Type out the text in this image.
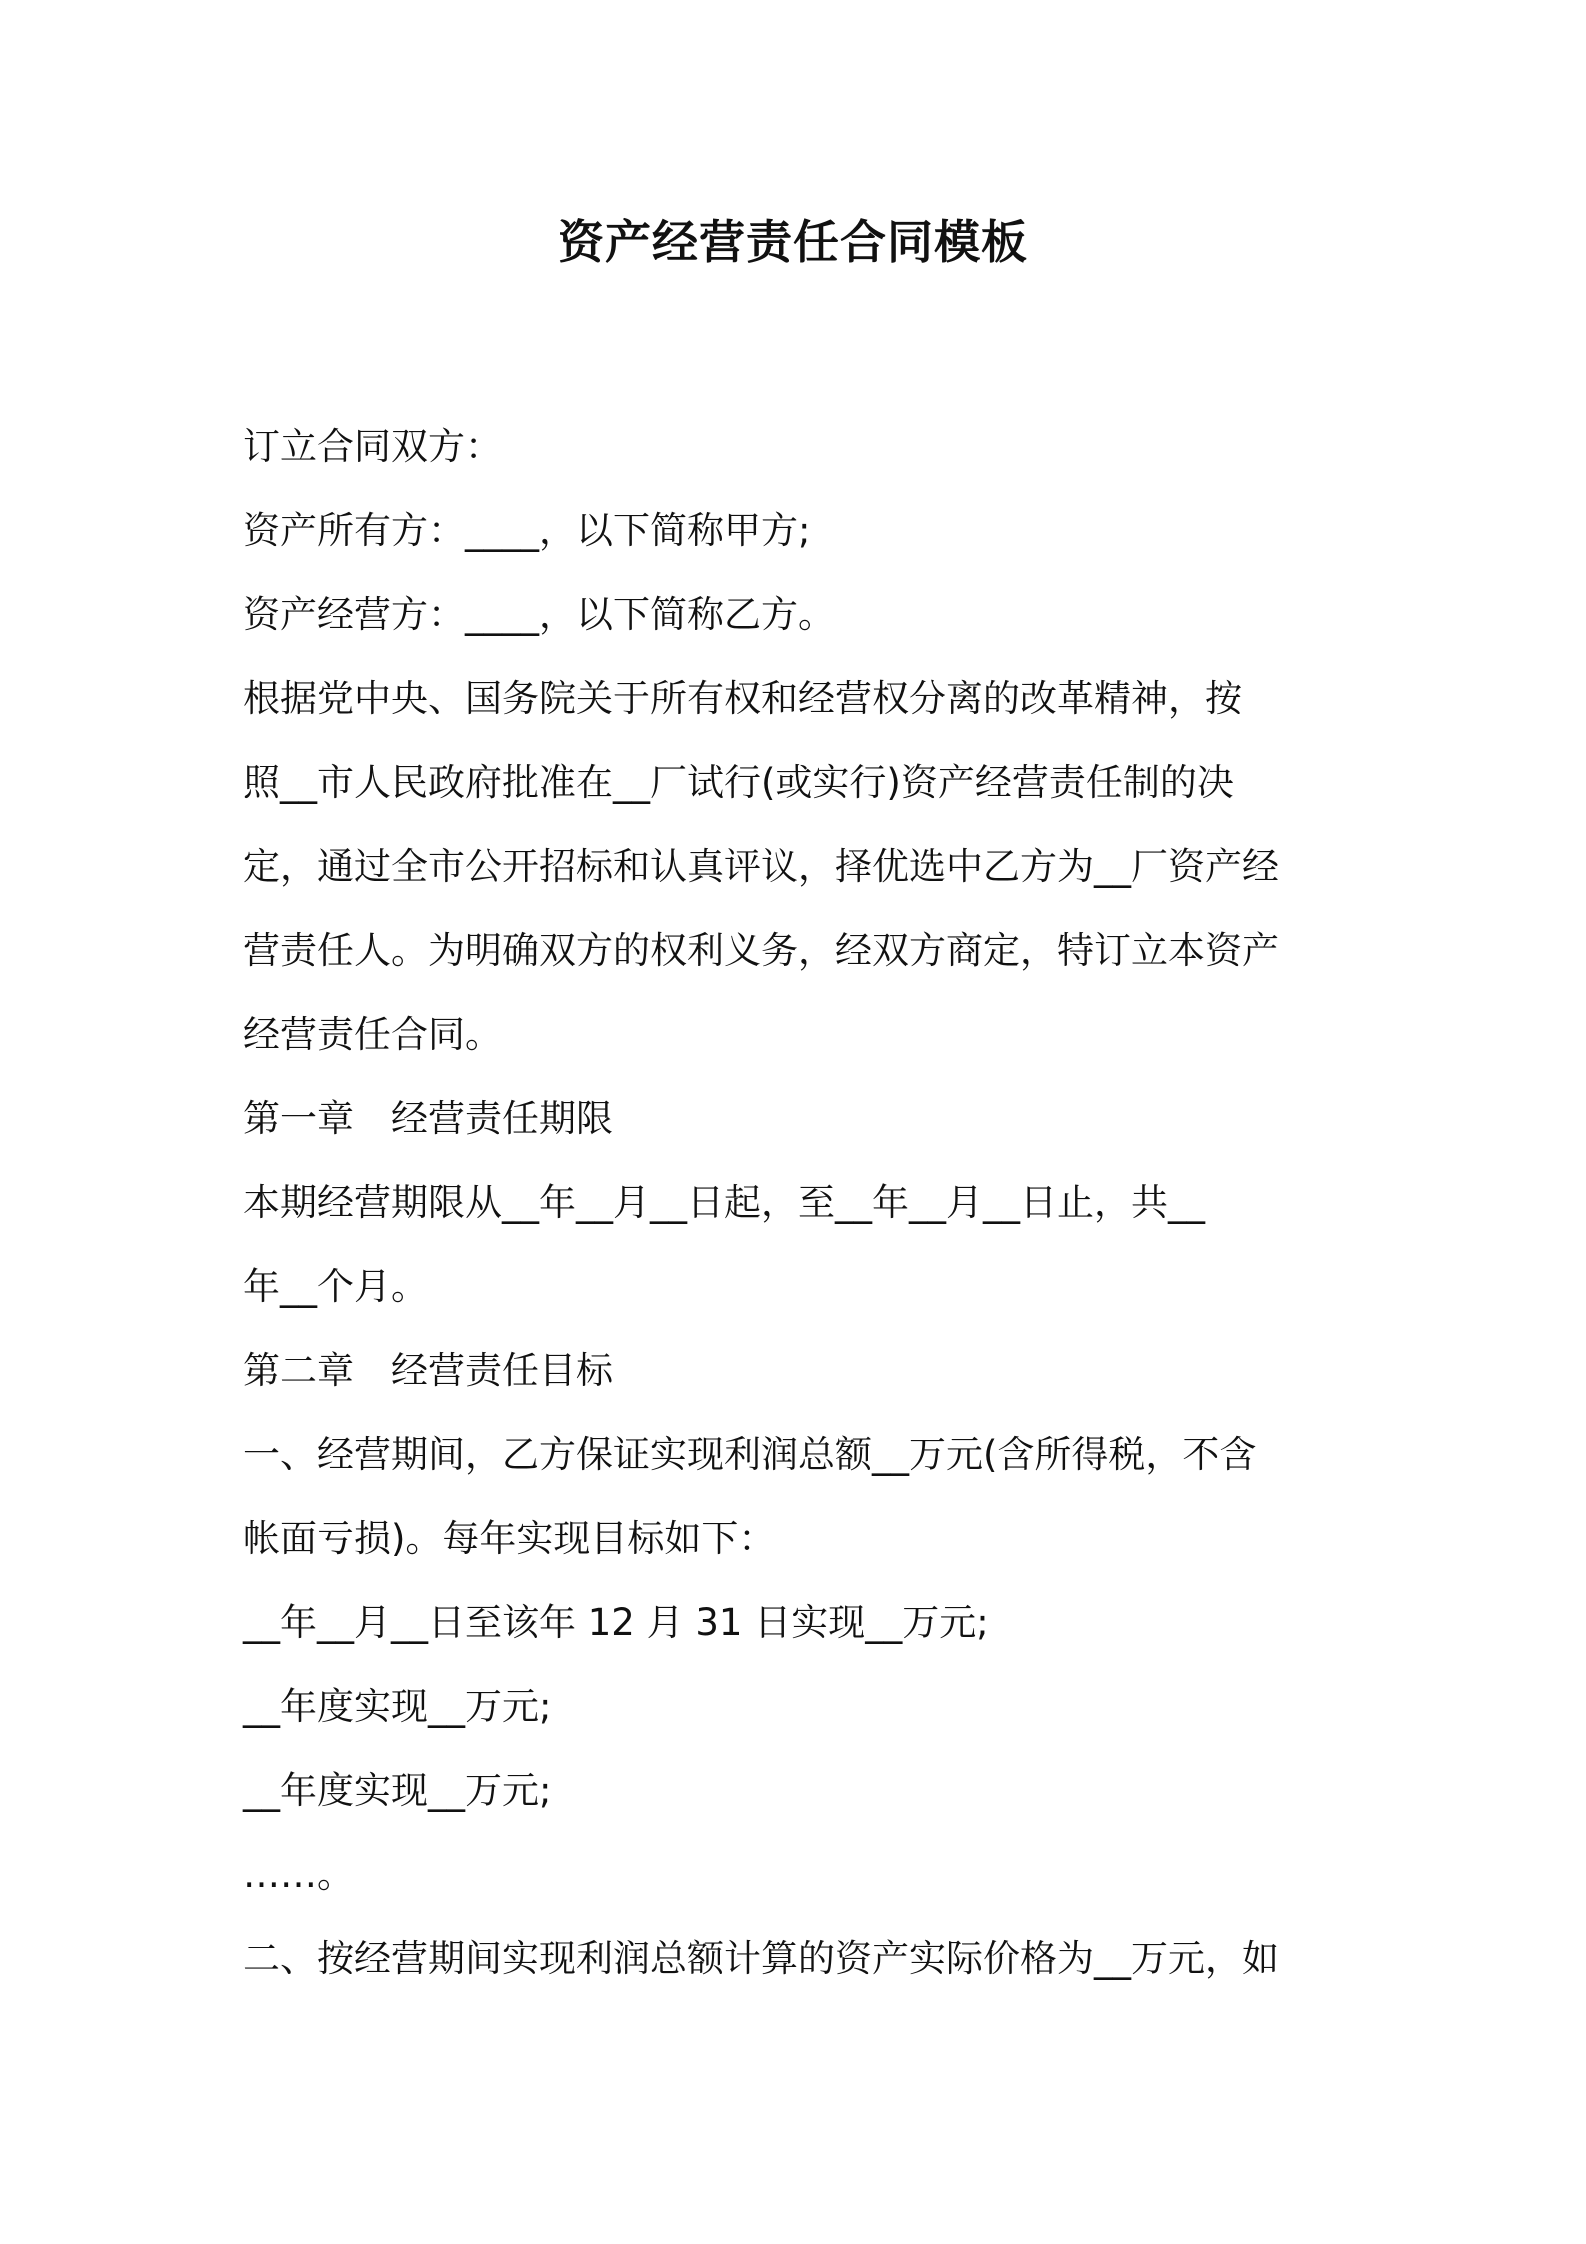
资产经营责任合同模板
订立合同双方：
资产所有方：____，以下简称甲方;
资产经营方：____，以下简称乙方。
根据党中央、国务院关于所有权和经营权分离的改革精神，按
照__市人民政府批准在__厂试行(或实行)资产经营责任制的决
定，通过全市公开招标和认真评议，择优选中乙方为__厂资产经
营责任人。为明确双方的权利义务，经双方商定，特订立本资产
经营责任合同。
第一章　经营责任期限
本期经营期限从__年__月__日起，至__年__月__日止，共__
年__个月。
第二章　经营责任目标
一、经营期间，乙方保证实现利润总额__万元(含所得税，不含
帐面亏损)。每年实现目标如下：
__年__月__日至该年 12 月 31 日实现__万元;
__年度实现__万元;
__年度实现__万元;
……。
二、按经营期间实现利润总额计算的资产实际价格为__万元，如
